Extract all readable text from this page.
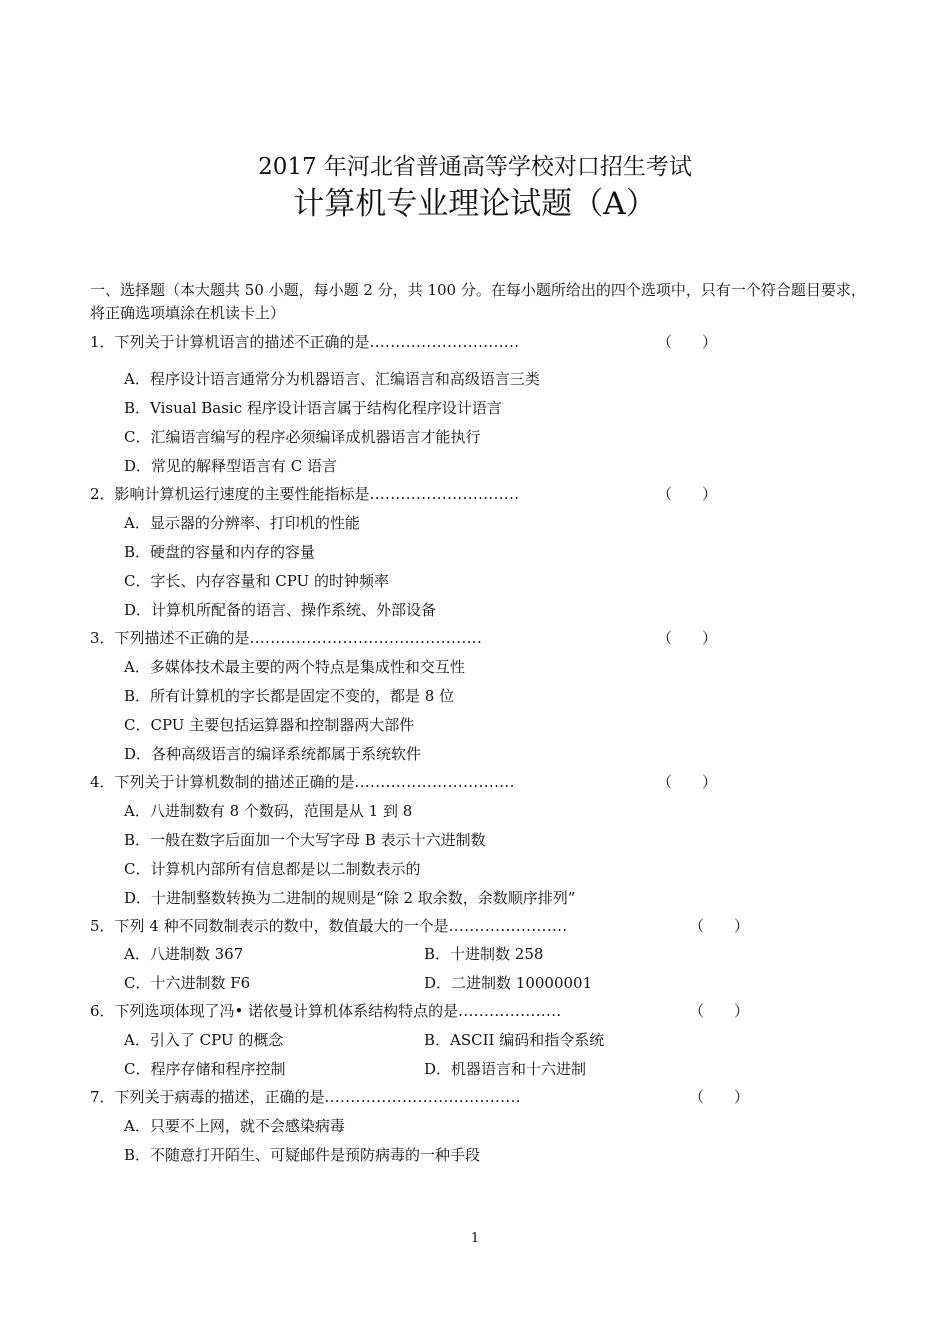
2017 年河北省普通高等学校对口招生考试
计算机专业理论试题（A）
一、选择题（本大题共 50 小题，每小题 2 分，共 100 分。在每小题所给出的四个选项中，只有一个符合题目要求，将正确选项填涂在机读卡上）
1．下列关于计算机语言的描述不正确的是.............................	（　　）
A．程序设计语言通常分为机器语言、汇编语言和高级语言三类
B．Visual Basic 程序设计语言属于结构化程序设计语言
C．汇编语言编写的程序必须编译成机器语言才能执行
D．常见的解释型语言有 C 语言
2．影响计算机运行速度的主要性能指标是.............................	（　　）
A．显示器的分辨率、打印机的性能
B．硬盘的容量和内存的容量
C．字长、内存容量和 CPU 的时钟频率
D．计算机所配备的语言、操作系统、外部设备
3．下列描述不正确的是.............................................	（　　）
A．多媒体技术最主要的两个特点是集成性和交互性
B．所有计算机的字长都是固定不变的，都是 8 位
C．CPU 主要包括运算器和控制器两大部件
D．各种高级语言的编译系统都属于系统软件
4．下列关于计算机数制的描述正确的是...............................	（　　）
A．八进制数有 8 个数码，范围是从 1 到 8
B．一般在数字后面加一个大写字母 B 表示十六进制数
C．计算机内部所有信息都是以二制数表示的
D．十进制整数转换为二进制的规则是“除 2 取余数，余数顺序排列”
5．下列 4 种不同数制表示的数中，数值最大的一个是.......................	（　　）
A．八进制数 367	B．十进制数 258
C．十六进制数 F6	D．二进制数 10000001
6．下列选项体现了冯• 诺依曼计算机体系结构特点的是....................	（　　）
A．引入了 CPU 的概念	B．ASCII 编码和指令系统
C．程序存储和程序控制	D．机器语言和十六进制
7．下列关于病毒的描述，正确的是......................................	（　　）
A．只要不上网，就不会感染病毒
B．不随意打开陌生、可疑邮件是预防病毒的一种手段
1
